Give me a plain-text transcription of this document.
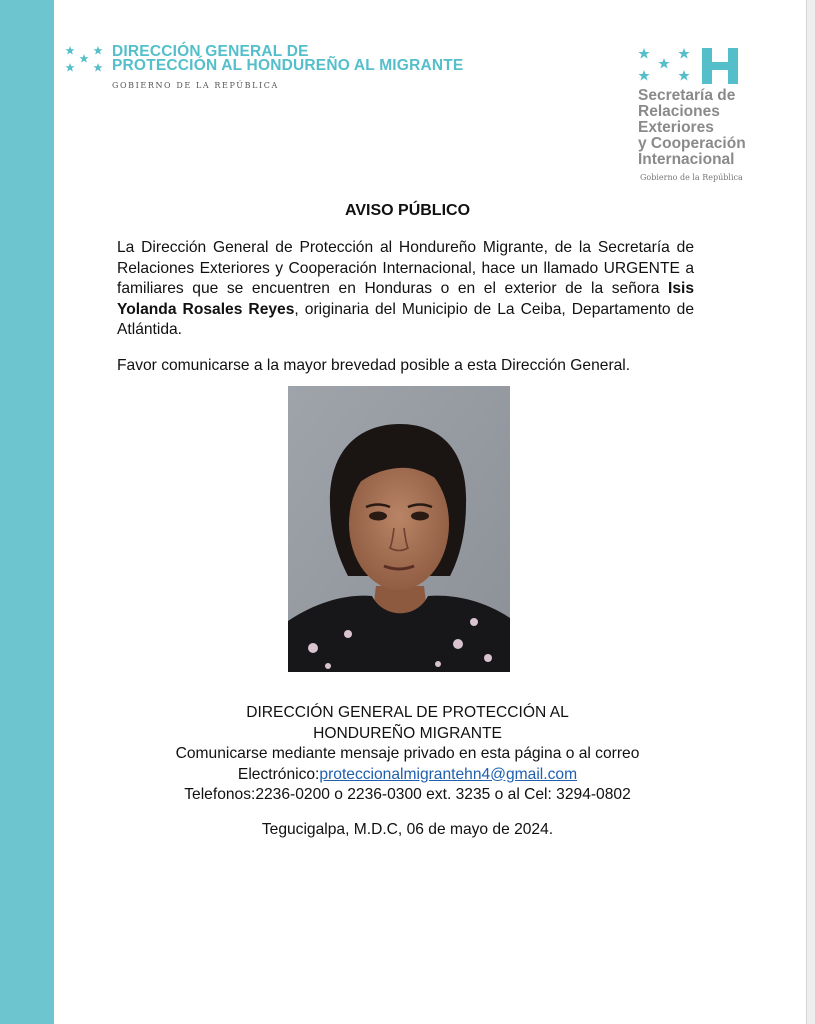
DIRECCIÓN GENERAL DE
PROTECCIÓN AL HONDUREÑO AL MIGRANTE
GOBIERNO DE LA REPÚBLICA
Secretaría de
Relaciones
Exteriores
y Cooperación
Internacional
Gobierno de la República
AVISO PÚBLICO

La Dirección General de Protección al Hondureño Migrante, de la Secretaría de Relaciones Exteriores y Cooperación Internacional, hace un llamado URGENTE a familiares que se encuentren en Honduras o en el exterior de la señora Isis Yolanda Rosales Reyes, originaria del Municipio de La Ceiba, Departamento de Atlántida.

Favor comunicarse a la mayor brevedad posible a esta Dirección General.
DIRECCIÓN GENERAL DE PROTECCIÓN AL
HONDUREÑO MIGRANTE
Comunicarse mediante mensaje privado en esta página o al correo
Electrónico:proteccionalmigrantehn4@gmail.com
Telefonos:2236-0200 o 2236-0300 ext. 3235 o al Cel: 3294-0802
Tegucigalpa, M.D.C, 06 de mayo de 2024.
